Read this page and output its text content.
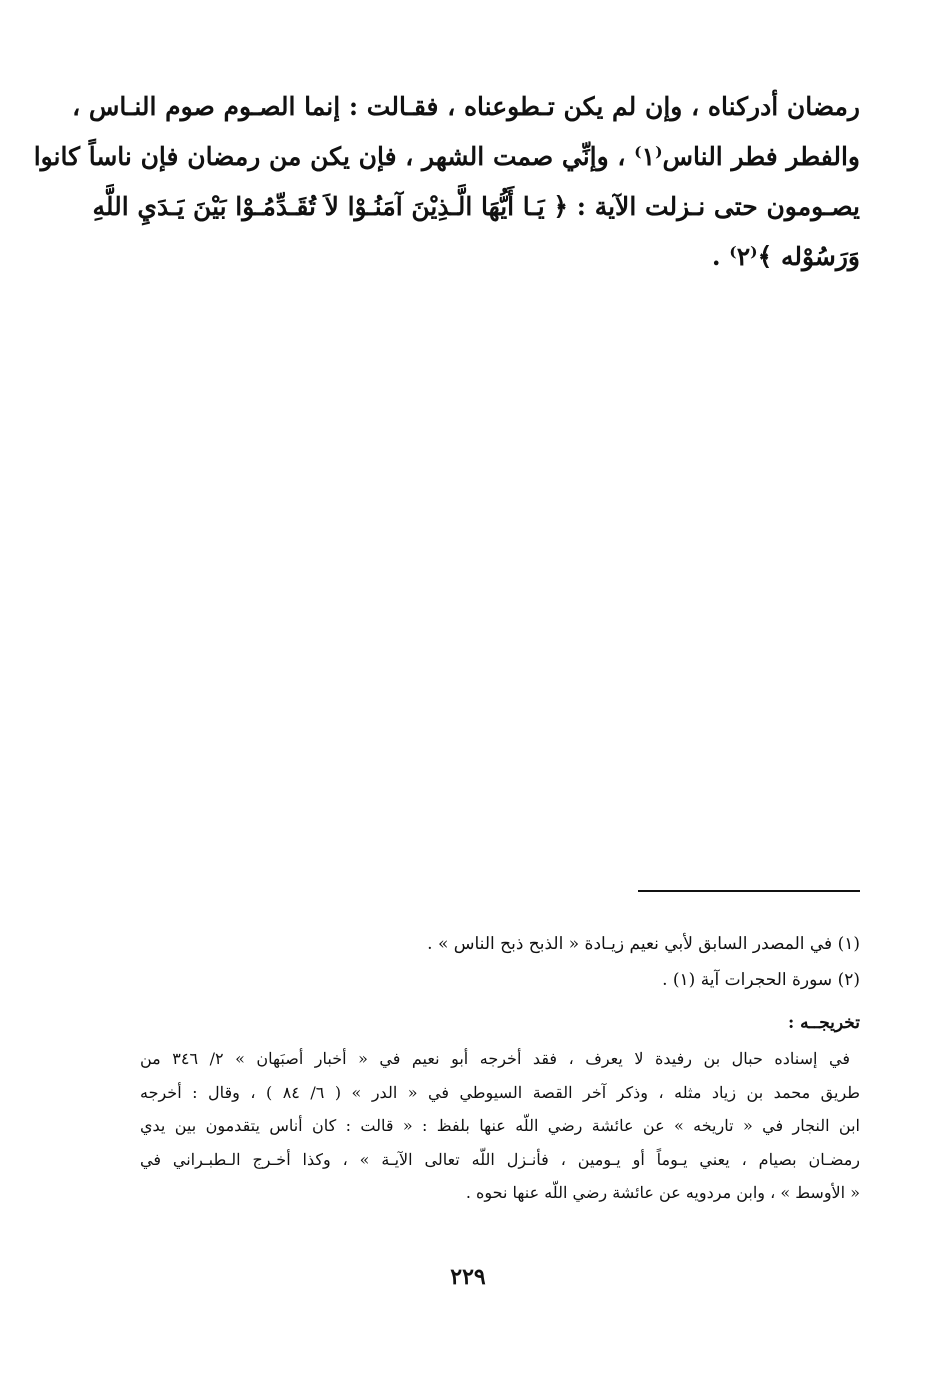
رمضان أدركناه ، وإن لم يكن تـطوعناه ، فقـالت : إنما الصـوم صوم النـاس ،
والفطر فطر الناس⁽١⁾ ، وإنِّي صمت الشهر ، فإن يكن من رمضان فإن ناساً كانوا
يصـومون حتى نـزلت الآية : ﴿ يَـا أَيُّهَا الَّـذِيْنَ آمَنُـوْا لاَ تُقَـدِّمُـوْا بَيْنَ يَـدَيِ اللَّهِ
وَرَسُوْله ﴾⁽٢⁾ .
(١) في المصدر السابق لأبي نعيم زيـادة « الذبح ذبح الناس » .
(٢) سورة الحجرات آية (١) .
تخريجــه :
في إسناده حبال بن رفيدة لا يعرف ، فقد أخرجه أبو نعيم في « أخبار أصبَهان » ٢/ ٣٤٦ من
طريق محمد بن زياد مثله ، وذكر آخر القصة السيوطي في « الدر » ( ٦/ ٨٤ ) ، وقال : أخرجه
ابن النجار في « تاريخه » عن عائشة رضي اللّه عنها بلفظ : « قالت : كان أناس يتقدمون بين يدي
رمضـان بصيام ، يعني يـوماً أو يـومين ، فأنـزل اللّه تعالى الآيـة » ، وكذا أخـرج الـطبـراني في
« الأوسط » ، وابن مردويه عن عائشة رضي اللّه عنها نحوه .
٢٢٩
